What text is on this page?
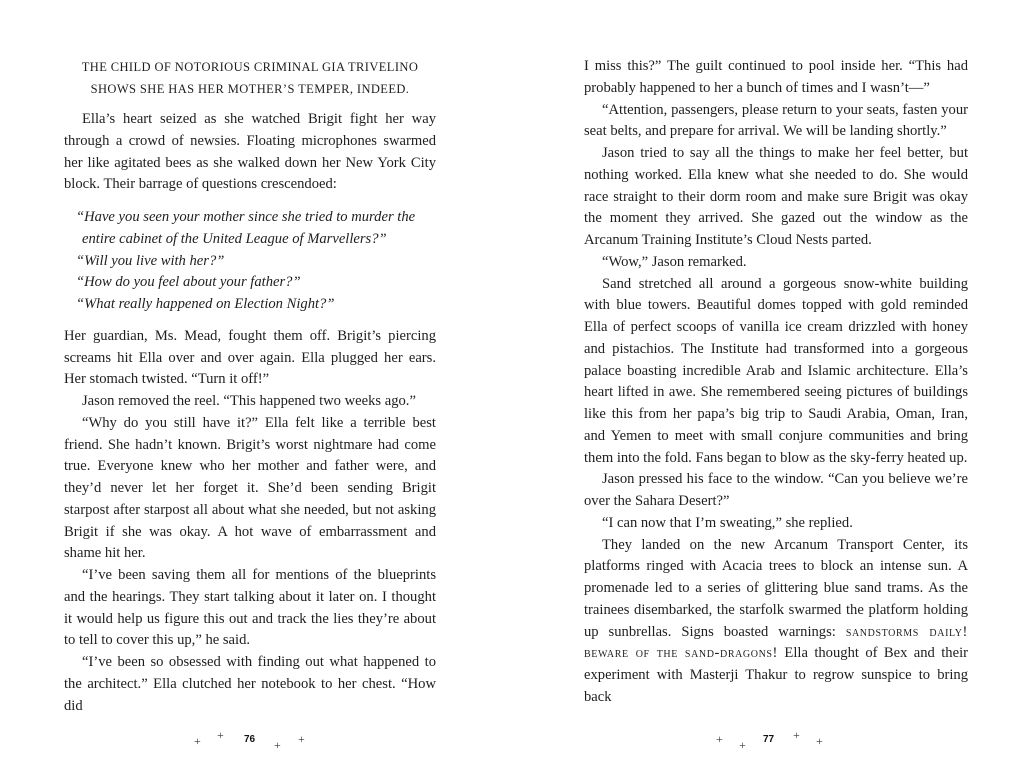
THE CHILD OF NOTORIOUS CRIMINAL GIA TRIVELINO
SHOWS SHE HAS HER MOTHER’S TEMPER, INDEED.

Ella’s heart seized as she watched Brigit fight her way through a crowd of newsies. Floating microphones swarmed her like agitated bees as she walked down her New York City block. Their barrage of questions crescendoed:

“Have you seen your mother since she tried to murder the entire cabinet of the United League of Marvellers?”

“Will you live with her?”

“How do you feel about your father?”

“What really happened on Election Night?”

Her guardian, Ms. Mead, fought them off. Brigit’s piercing screams hit Ella over and over again. Ella plugged her ears. Her stomach twisted. “Turn it off!”

Jason removed the reel. “This happened two weeks ago.”

“Why do you still have it?” Ella felt like a terrible best friend. She hadn’t known. Brigit’s worst nightmare had come true. Everyone knew who her mother and father were, and they’d never let her forget it. She’d been sending Brigit starpost after starpost all about what she needed, but not asking Brigit if she was okay. A hot wave of embarrassment and shame hit her.

“I’ve been saving them all for mentions of the blueprints and the hearings. They start talking about it later on. I thought it would help us figure this out and track the lies they’re about to tell to cover this up,” he said.

“I’ve been so obsessed with finding out what happened to the architect.” Ella clutched her notebook to her chest. “How did

+ + 76 + +

I miss this?” The guilt continued to pool inside her. “This had probably happened to her a bunch of times and I wasn’t—”

“Attention, passengers, please return to your seats, fasten your seat belts, and prepare for arrival. We will be landing shortly.”

Jason tried to say all the things to make her feel better, but nothing worked. Ella knew what she needed to do. She would race straight to their dorm room and make sure Brigit was okay the moment they arrived. She gazed out the window as the Arcanum Training Institute’s Cloud Nests parted.

“Wow,” Jason remarked.

Sand stretched all around a gorgeous snow-white building with blue towers. Beautiful domes topped with gold reminded Ella of perfect scoops of vanilla ice cream drizzled with honey and pistachios. The Institute had transformed into a gorgeous palace boasting incredible Arab and Islamic architecture. Ella’s heart lifted in awe. She remembered seeing pictures of buildings like this from her papa’s big trip to Saudi Arabia, Oman, Iran, and Yemen to meet with small conjure communities and bring them into the fold. Fans began to blow as the sky-ferry heated up.

Jason pressed his face to the window. “Can you believe we’re over the Sahara Desert?”

“I can now that I’m sweating,” she replied.

They landed on the new Arcanum Transport Center, its platforms ringed with Acacia trees to block an intense sun. A promenade led to a series of glittering blue sand trams. As the trainees disembarked, the starfolk swarmed the platform holding up sunbrellas. Signs boasted warnings: sandstorms daily! beware of the sand-dragons! Ella thought of Bex and their experiment with Masterji Thakur to regrow sunspice to bring back

+ + 77 + +
